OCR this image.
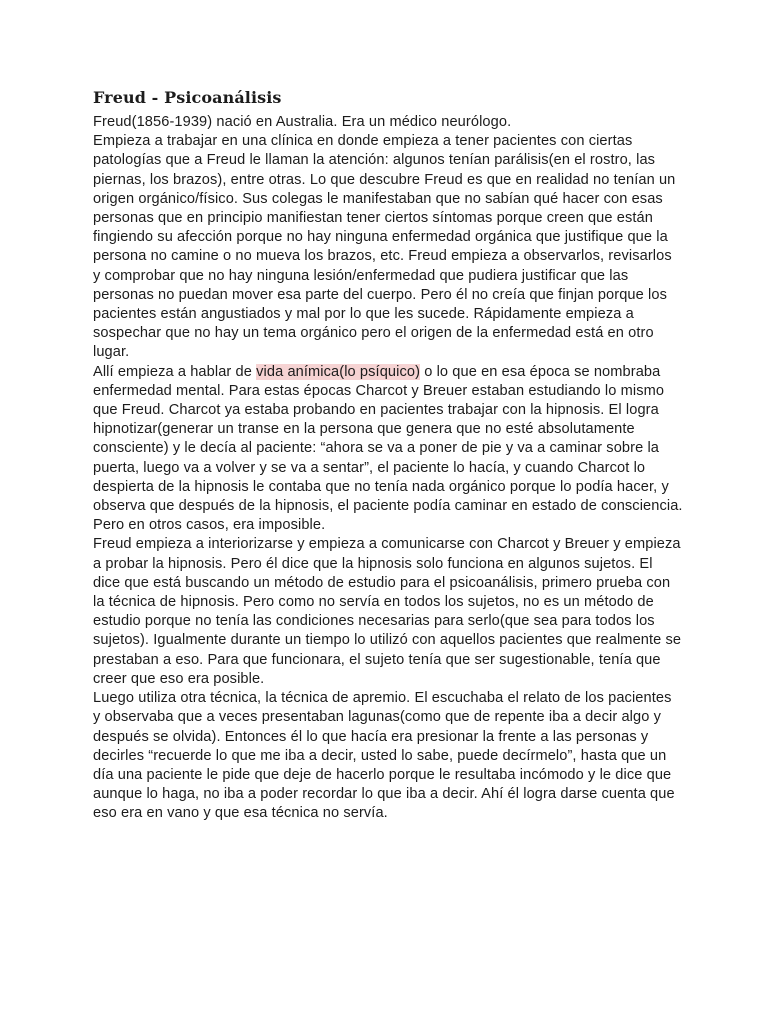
Freud - Psicoanálisis

Freud(1856-1939) nació en Australia. Era un médico neurólogo.

Empieza a trabajar en una clínica en donde empieza a tener pacientes con ciertas patologías que a Freud le llaman la atención: algunos tenían parálisis(en el rostro, las piernas, los brazos), entre otras. Lo que descubre Freud es que en realidad no tenían un origen orgánico/físico. Sus colegas le manifestaban que no sabían qué hacer con esas personas que en principio manifiestan tener ciertos síntomas porque creen que están fingiendo su afección porque no hay ninguna enfermedad orgánica que justifique que la persona no camine o no mueva los brazos, etc. Freud empieza a observarlos, revisarlos y comprobar que no hay ninguna lesión/enfermedad que pudiera justificar que las personas no puedan mover esa parte del cuerpo. Pero él no creía que finjan porque los pacientes están angustiados y mal por lo que les sucede. Rápidamente empieza a sospechar que no hay un tema orgánico pero el origen de la enfermedad está en otro lugar.

Allí empieza a hablar de vida anímica(lo psíquico) o lo que en esa época se nombraba enfermedad mental. Para estas épocas Charcot y Breuer estaban estudiando lo mismo que Freud. Charcot ya estaba probando en pacientes trabajar con la hipnosis. El logra hipnotizar(generar un transe en la persona que genera que no esté absolutamente consciente) y le decía al paciente: “ahora se va a poner de pie y va a caminar sobre la puerta, luego va a volver y se va a sentar”, el paciente lo hacía, y cuando Charcot lo despierta de la hipnosis le contaba que no tenía nada orgánico porque lo podía hacer, y observa que después de la hipnosis, el paciente podía caminar en estado de consciencia. Pero en otros casos, era imposible.

Freud empieza a interiorizarse y empieza a comunicarse con Charcot y Breuer y empieza a probar la hipnosis. Pero él dice que la hipnosis solo funciona en algunos sujetos. El dice que está buscando un método de estudio para el psicoanálisis, primero prueba con la técnica de hipnosis. Pero como no servía en todos los sujetos, no es un método de estudio porque no tenía las condiciones necesarias para serlo(que sea para todos los sujetos). Igualmente durante un tiempo lo utilizó con aquellos pacientes que realmente se prestaban a eso. Para que funcionara, el sujeto tenía que ser sugestionable, tenía que creer que eso era posible.

Luego utiliza otra técnica, la técnica de apremio. El escuchaba el relato de los pacientes y observaba que a veces presentaban lagunas(como que de repente iba a decir algo y después se olvida). Entonces él lo que hacía era presionar la frente a las personas y decirles “recuerde lo que me iba a decir, usted lo sabe, puede decírmelo”, hasta que un día una paciente le pide que deje de hacerlo porque le resultaba incómodo y le dice que aunque lo haga, no iba a poder recordar lo que iba a decir. Ahí él logra darse cuenta que eso era en vano y que esa técnica no servía.
